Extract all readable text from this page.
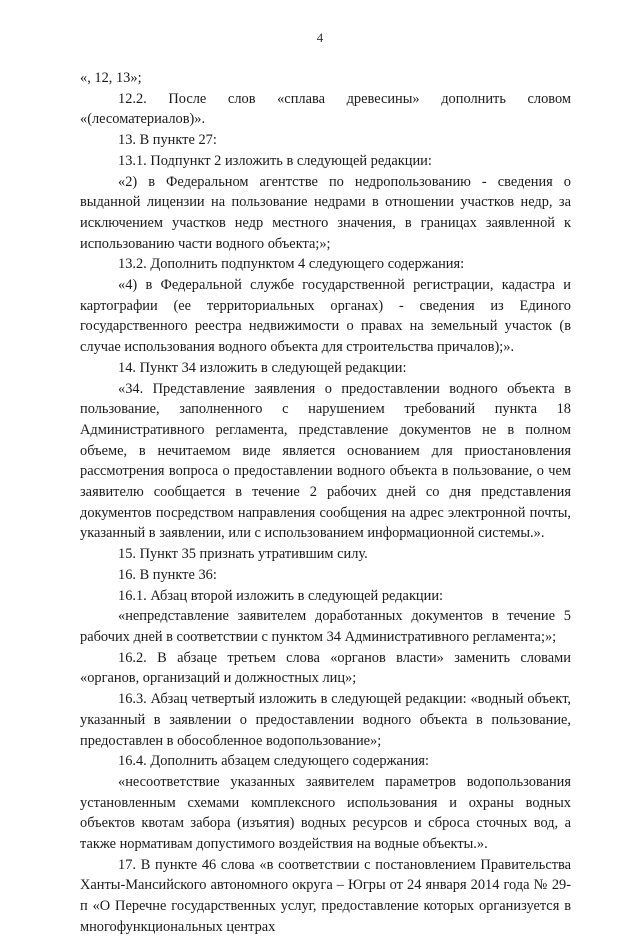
4

«, 12, 13»;

12.2. После слов «сплава древесины» дополнить словом «(лесоматериалов)».

13. В пункте 27:

13.1. Подпункт 2 изложить в следующей редакции:

«2) в Федеральном агентстве по недропользованию - сведения о выданной лицензии на пользование недрами в отношении участков недр, за исключением участков недр местного значения, в границах заявленной к использованию части водного объекта;»;

13.2. Дополнить подпунктом 4 следующего содержания:

«4) в Федеральной службе государственной регистрации, кадастра и картографии (ее территориальных органах) - сведения из Единого государственного реестра недвижимости о правах на земельный участок (в случае использования водного объекта для строительства причалов);».

14. Пункт 34 изложить в следующей редакции:

«34. Представление заявления о предоставлении водного объекта в пользование, заполненного с нарушением требований пункта 18 Административного регламента, представление документов не в полном объеме, в нечитаемом виде является основанием для приостановления рассмотрения вопроса о предоставлении водного объекта в пользование, о чем заявителю сообщается в течение 2 рабочих дней со дня представления документов посредством направления сообщения на адрес электронной почты, указанный в заявлении, или с использованием информационной системы.».

15. Пункт 35 признать утратившим силу.

16. В пункте 36:

16.1. Абзац второй изложить в следующей редакции:

«непредставление заявителем доработанных документов в течение 5 рабочих дней в соответствии с пунктом 34 Административного регламента;»;

16.2. В абзаце третьем слова «органов власти» заменить словами «органов, организаций и должностных лиц»;

16.3. Абзац четвертый изложить в следующей редакции: «водный объект, указанный в заявлении о предоставлении водного объекта в пользование, предоставлен в обособленное водопользование»;

16.4. Дополнить абзацем следующего содержания:

«несоответствие указанных заявителем параметров водопользования установленным схемами комплексного использования и охраны водных объектов квотам забора (изъятия) водных ресурсов и сброса сточных вод, а также нормативам допустимого воздействия на водные объекты.».

17. В пункте 46 слова «в соответствии с постановлением Правительства Ханты-Мансийского автономного округа – Югры от 24 января 2014 года № 29-п «О Перечне государственных услуг, предоставление которых организуется в многофункциональных центрах
